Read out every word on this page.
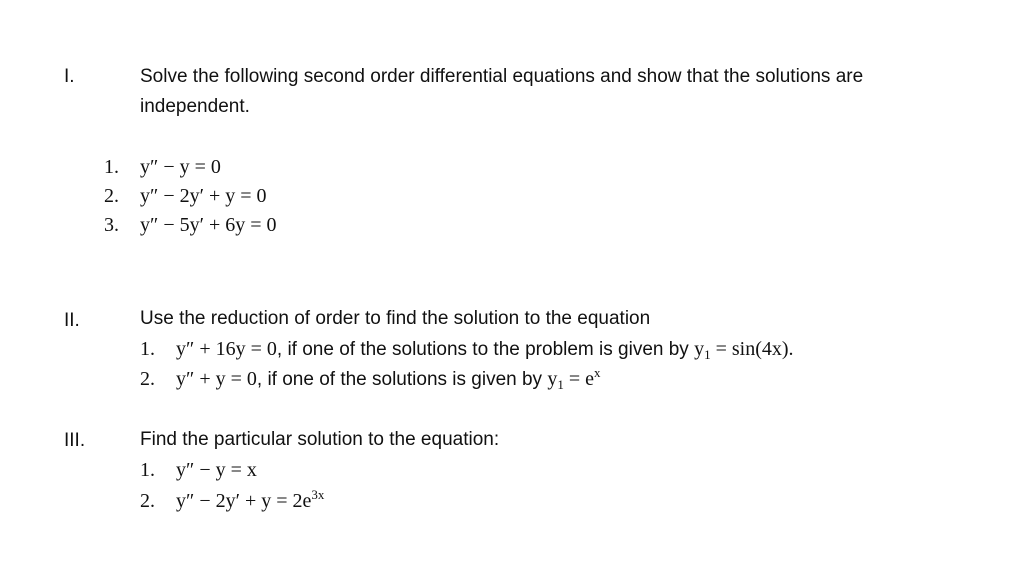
I.	Solve the following second order differential equations and show that the solutions are
independent.
1. y″ − y = 0
2. y″ − 2y′ + y = 0
3. y″ − 5y′ + 6y = 0
II.	Use the reduction of order to find the solution to the equation
1. y″ + 16y = 0, if one of the solutions to the problem is given by $y_1 = \sin(4x)$.
2. y″ + y = 0, if one of the solutions is given by $y_1 = e^x$
III.	Find the particular solution to the equation:
1. y″ − y = x
2. $y'' - 2y' + y = 2e^{3x}$
